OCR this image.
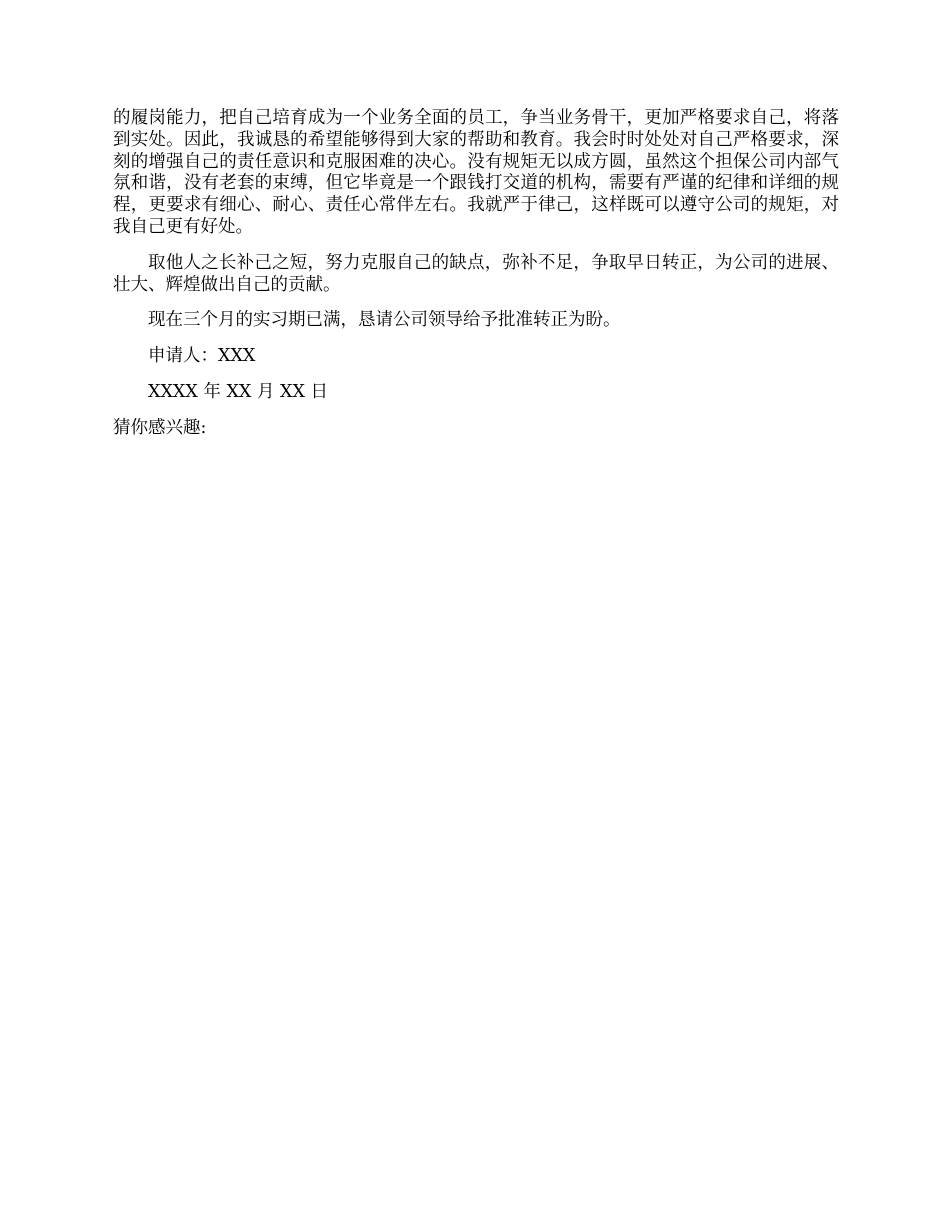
的履岗能力，把自己培育成为一个业务全面的员工，争当业务骨干，更加严格要求自己，将落到实处。因此，我诚恳的希望能够得到大家的帮助和教育。我会时时处处对自己严格要求，深刻的增强自己的责任意识和克服困难的决心。没有规矩无以成方圆，虽然这个担保公司内部气氛和谐，没有老套的束缚，但它毕竟是一个跟钱打交道的机构，需要有严谨的纪律和详细的规程，更要求有细心、耐心、责任心常伴左右。我就严于律己，这样既可以遵守公司的规矩，对我自己更有好处。

取他人之长补己之短，努力克服自己的缺点，弥补不足，争取早日转正，为公司的进展、壮大、辉煌做出自己的贡献。

现在三个月的实习期已满，恳请公司领导给予批准转正为盼。

申请人：XXX
XXXX 年 XX 月 XX 日
猜你感兴趣:
